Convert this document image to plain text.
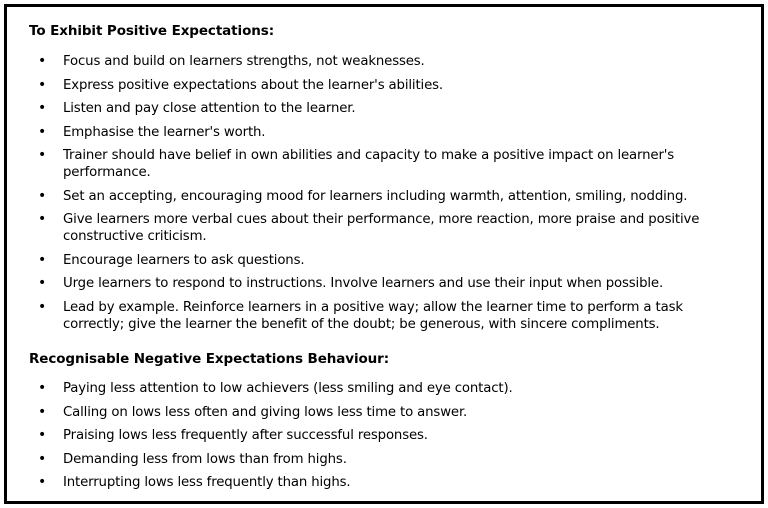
To Exhibit Positive Expectations:
• Focus and build on learners strengths, not weaknesses.
• Express positive expectations about the learner's abilities.
• Listen and pay close attention to the learner.
• Emphasise the learner's worth.
• Trainer should have belief in own abilities and capacity to make a positive impact on learner's performance.
• Set an accepting, encouraging mood for learners including warmth, attention, smiling, nodding.
• Give learners more verbal cues about their performance, more reaction, more praise and positive constructive criticism.
• Encourage learners to ask questions.
• Urge learners to respond to instructions. Involve learners and use their input when possible.
• Lead by example. Reinforce learners in a positive way; allow the learner time to perform a task correctly; give the learner the benefit of the doubt; be generous, with sincere compliments.
Recognisable Negative Expectations Behaviour:
• Paying less attention to low achievers (less smiling and eye contact).
• Calling on lows less often and giving lows less time to answer.
• Praising lows less frequently after successful responses.
• Demanding less from lows than from highs.
• Interrupting lows less frequently than highs.
